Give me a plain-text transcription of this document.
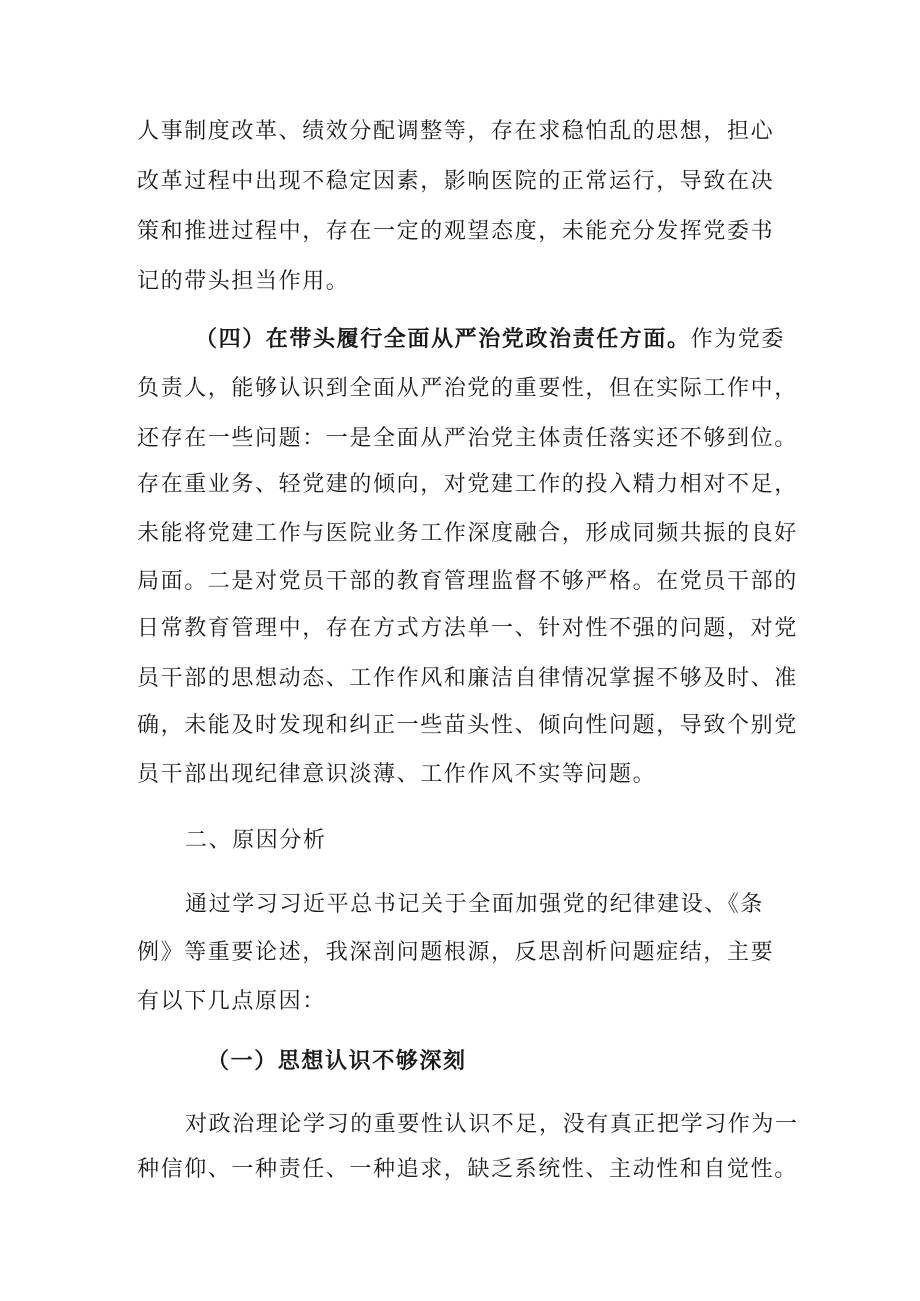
人事制度改革、绩效分配调整等，存在求稳怕乱的思想，担心
改革过程中出现不稳定因素，影响医院的正常运行，导致在决
策和推进过程中，存在一定的观望态度，未能充分发挥党委书
记的带头担当作用。
（四）在带头履行全面从严治党政治责任方面。作为党委
负责人，能够认识到全面从严治党的重要性，但在实际工作中，
还存在一些问题：一是全面从严治党主体责任落实还不够到位。
存在重业务、轻党建的倾向，对党建工作的投入精力相对不足，
未能将党建工作与医院业务工作深度融合，形成同频共振的良好
局面。二是对党员干部的教育管理监督不够严格。在党员干部的
日常教育管理中，存在方式方法单一、针对性不强的问题，对党
员干部的思想动态、工作作风和廉洁自律情况掌握不够及时、准
确，未能及时发现和纠正一些苗头性、倾向性问题，导致个别党
员干部出现纪律意识淡薄、工作作风不实等问题。
二、原因分析
通过学习习近平总书记关于全面加强党的纪律建设、《条
例》等重要论述，我深剖问题根源，反思剖析问题症结，主要
有以下几点原因：
（一）思想认识不够深刻
对政治理论学习的重要性认识不足，没有真正把学习作为一
种信仰、一种责任、一种追求，缺乏系统性、主动性和自觉性。
